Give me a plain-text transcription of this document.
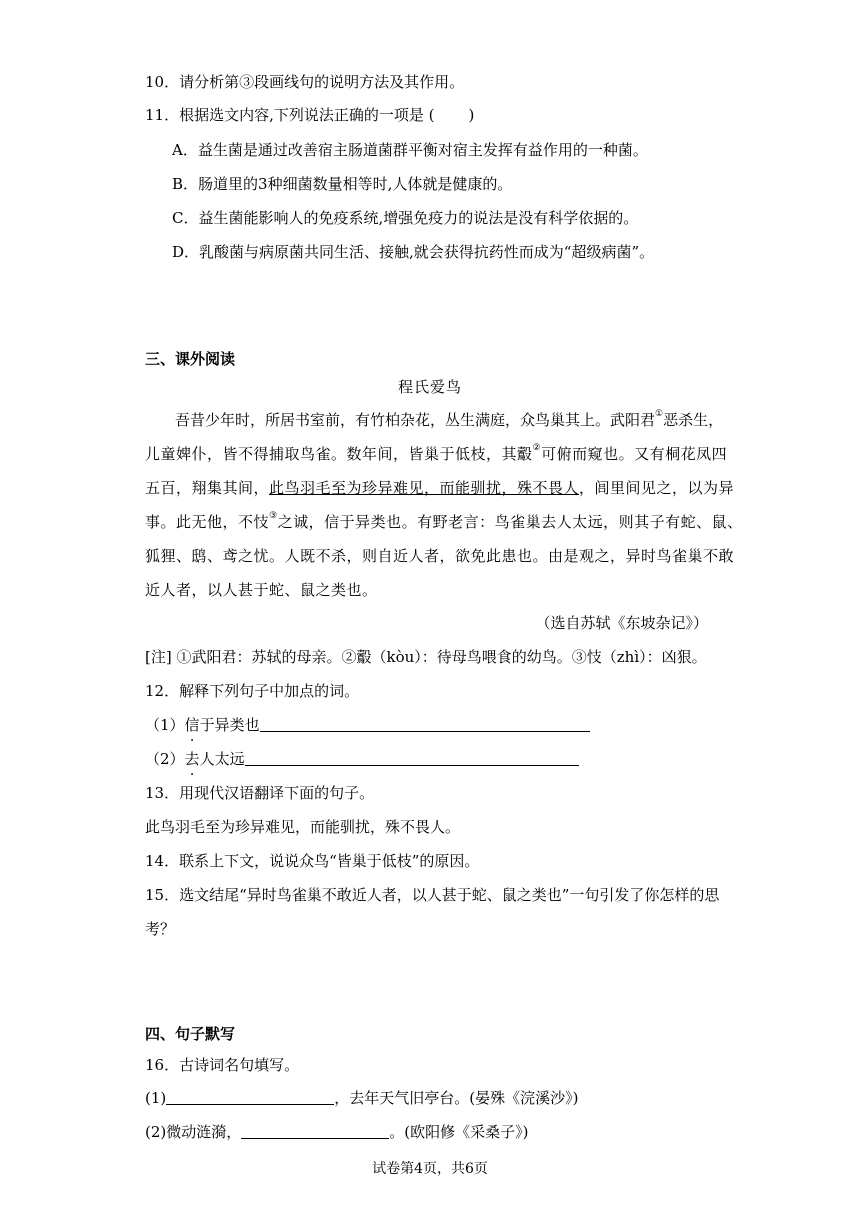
10．请分析第③段画线句的说明方法及其作用。
11．根据选文内容,下列说法正确的一项是 ( )
A．益生菌是通过改善宿主肠道菌群平衡对宿主发挥有益作用的一种菌。
B．肠道里的3种细菌数量相等时,人体就是健康的。
C．益生菌能影响人的免疫系统,增强免疫力的说法是没有科学依据的。
D．乳酸菌与病原菌共同生活、接触,就会获得抗药性而成为“超级病菌”。
三、课外阅读
程氏爱鸟
吾昔少年时，所居书室前，有竹柏杂花，丛生满庭，众鸟巢其上。武阳君①恶杀生，
儿童婢仆，皆不得捕取鸟雀。数年间，皆巢于低枝，其鷇②可俯而窥也。又有桐花凤四
五百，翔集其间，此鸟羽毛至为珍异难见，而能驯扰，殊不畏人，闾里间见之，以为异
事。此无他，不忮③之诚，信于异类也。有野老言：鸟雀巢去人太远，则其子有蛇、鼠、
狐狸、鸱、鸢之忧。人既不杀，则自近人者，欲免此患也。由是观之，异时鸟雀巢不敢
近人者，以人甚于蛇、鼠之类也。
（选自苏轼《东坡杂记》）
[注] ①武阳君：苏轼的母亲。②鷇（kòu）：待母鸟喂食的幼鸟。③忮（zhì）：凶狠。
12．解释下列句子中加点的词。
（1）信于异类也
（2）去人太远
13．用现代汉语翻译下面的句子。
此鸟羽毛至为珍异难见，而能驯扰，殊不畏人。
14．联系上下文，说说众鸟“皆巢于低枝”的原因。
15．选文结尾“异时鸟雀巢不敢近人者，以人甚于蛇、鼠之类也”一句引发了你怎样的思
考？
四、句子默写
16．古诗词名句填写。
(1)	，去年天气旧亭台。(晏殊《浣溪沙》)
(2)微动涟漪，	。(欧阳修《采桑子》)
试卷第4页，共6页
